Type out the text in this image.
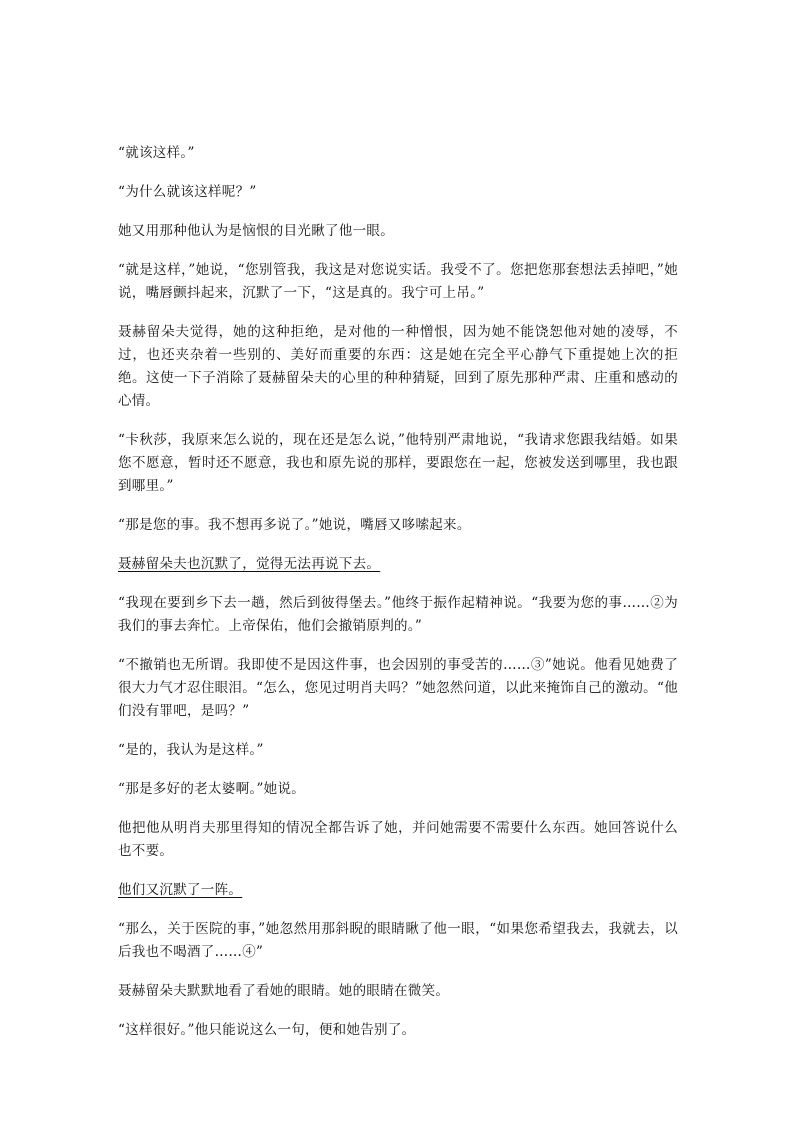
“就该这样。”

“为什么就该这样呢？”

她又用那种他认为是恼恨的目光瞅了他一眼。

“就是这样，”她说，“您别管我，我这是对您说实话。我受不了。您把您那套想法丢掉吧，”她说，嘴唇颤抖起来，沉默了一下，“这是真的。我宁可上吊。”

聂赫留朵夫觉得，她的这种拒绝，是对他的一种憎恨，因为她不能饶恕他对她的凌辱，不过，也还夹杂着一些别的、美好而重要的东西：这是她在完全平心静气下重提她上次的拒绝。这使一下子消除了聂赫留朵夫的心里的种种猜疑，回到了原先那种严肃、庄重和感动的心情。

“卡秋莎，我原来怎么说的，现在还是怎么说，”他特别严肃地说，“我请求您跟我结婚。如果您不愿意，暂时还不愿意，我也和原先说的那样，要跟您在一起，您被发送到哪里，我也跟到哪里。”

“那是您的事。我不想再多说了。”她说，嘴唇又哆嗦起来。

聂赫留朵夫也沉默了，觉得无法再说下去。

“我现在要到乡下去一趟，然后到彼得堡去。”他终于振作起精神说。“我要为您的事……②为我们的事去奔忙。上帝保佑，他们会撤销原判的。”

“不撤销也无所谓。我即使不是因这件事，也会因别的事受苦的……③”她说。他看见她费了很大力气才忍住眼泪。“怎么，您见过明肖夫吗？”她忽然问道，以此来掩饰自己的激动。“他们没有罪吧，是吗？”

“是的，我认为是这样。”

“那是多好的老太婆啊。”她说。

他把他从明肖夫那里得知的情况全都告诉了她，并问她需要不需要什么东西。她回答说什么也不要。

他们又沉默了一阵。

“那么，关于医院的事，”她忽然用那斜睨的眼睛瞅了他一眼，“如果您希望我去，我就去，以后我也不喝酒了……④”

聂赫留朵夫默默地看了看她的眼睛。她的眼睛在微笑。

“这样很好。”他只能说这么一句，便和她告别了。
